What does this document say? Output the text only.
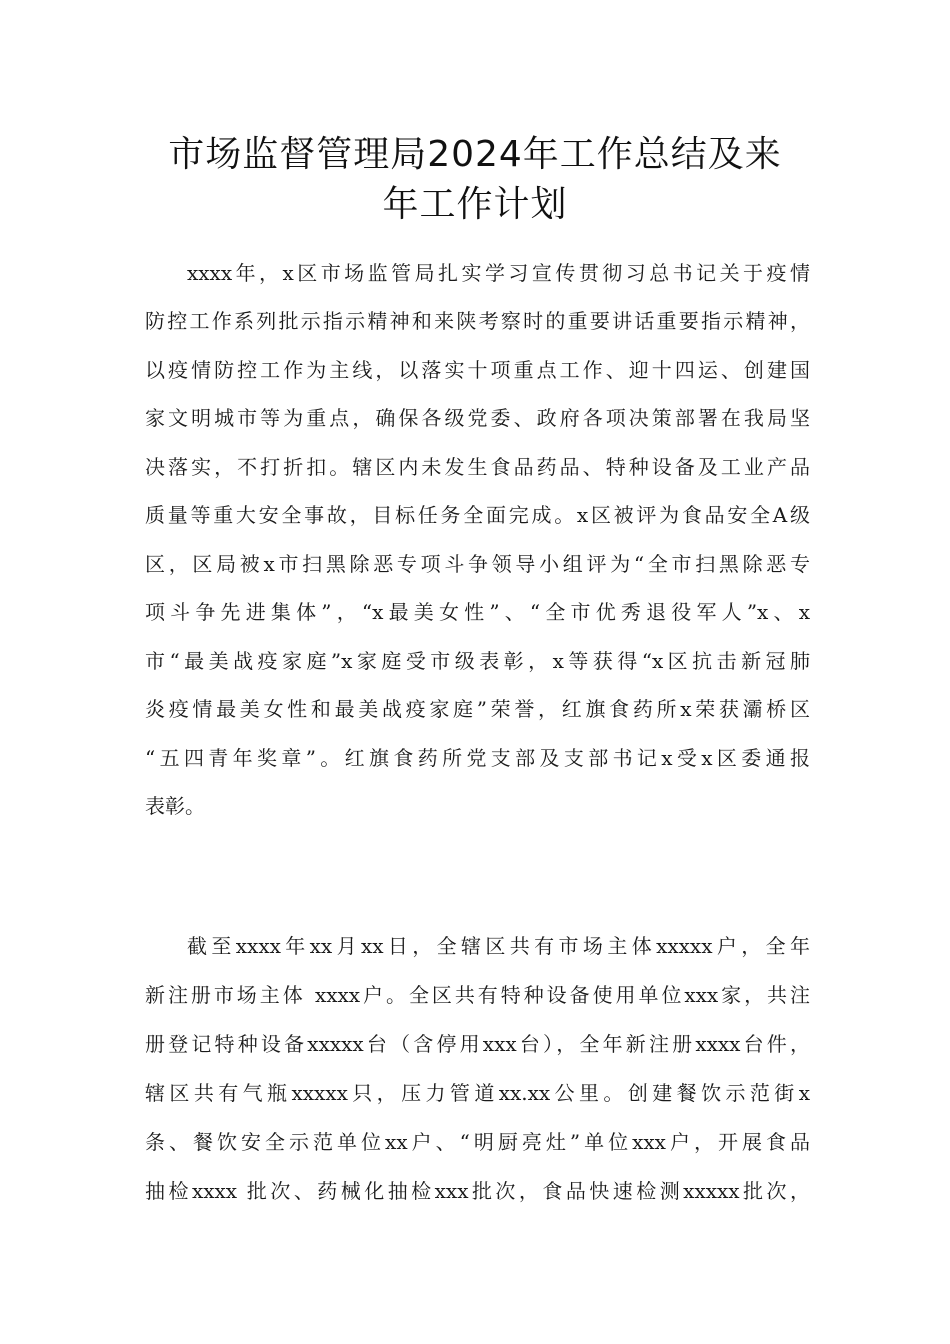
市场监督管理局2024年工作总结及来
年工作计划
xxxx年，x区市场监管局扎实学习宣传贯彻习总书记关于疫情
防控工作系列批示指示精神和来陕考察时的重要讲话重要指示精神，
以疫情防控工作为主线，以落实十项重点工作、迎十四运、创建国
家文明城市等为重点，确保各级党委、政府各项决策部署在我局坚
决落实，不打折扣。辖区内未发生食品药品、特种设备及工业产品
质量等重大安全事故，目标任务全面完成。x区被评为食品安全A级
区，区局被x市扫黑除恶专项斗争领导小组评为“全市扫黑除恶专
项斗争先进集体”，“x最美女性”、“全市优秀退役军人”x、x
市“最美战疫家庭”x家庭受市级表彰，x等获得“x区抗击新冠肺
炎疫情最美女性和最美战疫家庭”荣誉，红旗食药所x荣获灞桥区
“五四青年奖章”。红旗食药所党支部及支部书记x受x区委通报
表彰。
截至xxxx年xx月xx日，全辖区共有市场主体xxxxx户，全年
新注册市场主体 xxxx户。全区共有特种设备使用单位xxx家，共注
册登记特种设备xxxxx台（含停用xxx台），全年新注册xxxx台件，
辖区共有气瓶xxxxx只，压力管道xx.xx公里。创建餐饮示范街x
条、餐饮安全示范单位xx户、“明厨亮灶”单位xxx户，开展食品
抽检xxxx 批次、药械化抽检xxx批次，食品快速检测xxxxx批次，
